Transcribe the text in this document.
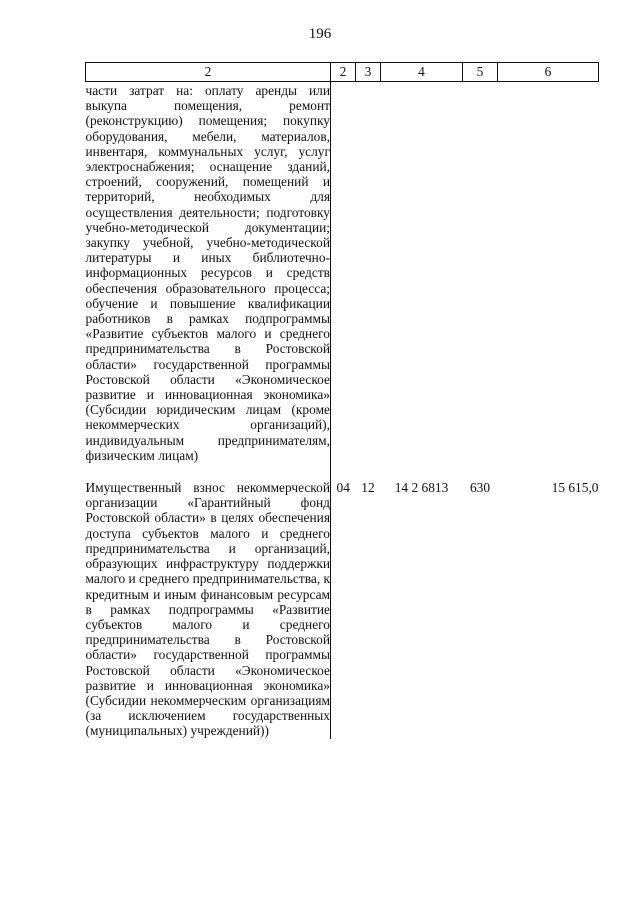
196
2	2	3	4	5	6
части затрат на: оплату аренды или выкупа помещения, ремонт (реконструкцию) помещения; покупку оборудования, мебели, материалов, инвентаря, коммунальных услуг, услуг электроснабжения; оснащение зданий, строений, сооружений, помещений и территорий, необходимых для осуществления деятельности; подготовку учебно-методической документации; закупку учебной, учебно-методической литературы и иных библиотечно-информационных ресурсов и средств обеспечения образовательного процесса; обучение и повышение квалификации работников в рамках подпрограммы «Развитие субъектов малого и среднего предпринимательства в Ростовской области» государственной программы Ростовской области «Экономическое развитие и инновационная экономика» (Субсидии юридическим лицам (кроме некоммерческих организаций), индивидуальным предпринимателям, физическим лицам)					
Имущественный взнос некоммерческой организации «Гарантийный фонд Ростовской области» в целях обеспечения доступа субъектов малого и среднего предпринимательства и организаций, образующих инфраструктуру поддержки малого и среднего предпринимательства, к кредитным и иным финансовым ресурсам в рамках подпрограммы «Развитие субъектов малого и среднего предпринимательства в Ростовской области» государственной программы Ростовской области «Экономическое развитие и инновационная экономика» (Субсидии некоммерческим организациям (за исключением государственных (муниципальных) учреждений))	04	12	14 2 6813	630	15 615,0
